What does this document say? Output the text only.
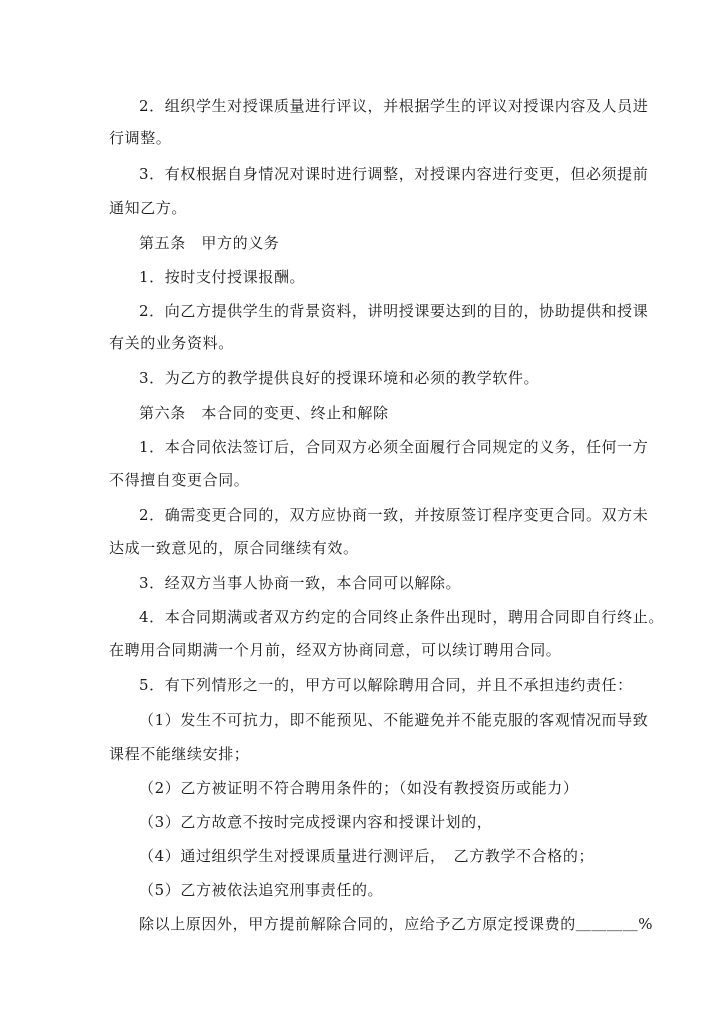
2．组织学生对授课质量进行评议，并根据学生的评议对授课内容及人员进
行调整。
3．有权根据自身情况对课时进行调整，对授课内容进行变更，但必须提前
通知乙方。
第五条　甲方的义务
1．按时支付授课报酬。
2．向乙方提供学生的背景资料，讲明授课要达到的目的，协助提供和授课
有关的业务资料。
3．为乙方的教学提供良好的授课环境和必须的教学软件。
第六条　本合同的变更、终止和解除
1．本合同依法签订后，合同双方必须全面履行合同规定的义务，任何一方
不得擅自变更合同。
2．确需变更合同的，双方应协商一致，并按原签订程序变更合同。双方未
达成一致意见的，原合同继续有效。
3．经双方当事人协商一致，本合同可以解除。
4．本合同期满或者双方约定的合同终止条件出现时，聘用合同即自行终止。
在聘用合同期满一个月前，经双方协商同意，可以续订聘用合同。
5．有下列情形之一的，甲方可以解除聘用合同，并且不承担违约责任：
（1）发生不可抗力，即不能预见、不能避免并不能克服的客观情况而导致
课程不能继续安排；
（2）乙方被证明不符合聘用条件的；（如没有教授资历或能力）
（3）乙方故意不按时完成授课内容和授课计划的，
（4）通过组织学生对授课质量进行测评后，　乙方教学不合格的；
（5）乙方被依法追究刑事责任的。
除以上原因外，甲方提前解除合同的，应给予乙方原定授课费的＿＿＿＿%
